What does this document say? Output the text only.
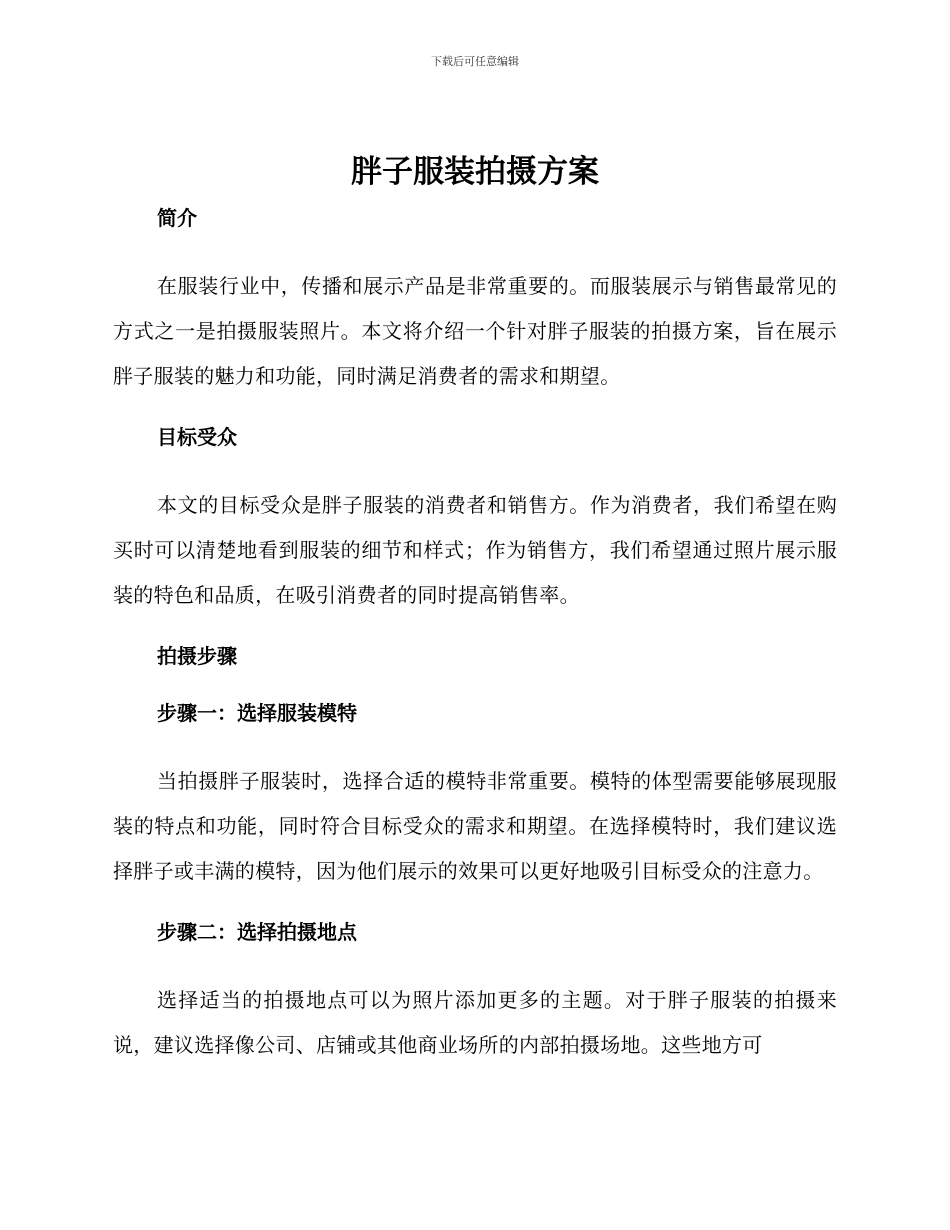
下载后可任意编辑
胖子服装拍摄方案

简介

在服装行业中，传播和展示产品是非常重要的。而服装展示与销售最常见的方式之一是拍摄服装照片。本文将介绍一个针对胖子服装的拍摄方案，旨在展示胖子服装的魅力和功能，同时满足消费者的需求和期望。

目标受众

本文的目标受众是胖子服装的消费者和销售方。作为消费者，我们希望在购买时可以清楚地看到服装的细节和样式；作为销售方，我们希望通过照片展示服装的特色和品质，在吸引消费者的同时提高销售率。

拍摄步骤

步骤一：选择服装模特

当拍摄胖子服装时，选择合适的模特非常重要。模特的体型需要能够展现服装的特点和功能，同时符合目标受众的需求和期望。在选择模特时，我们建议选择胖子或丰满的模特，因为他们展示的效果可以更好地吸引目标受众的注意力。

步骤二：选择拍摄地点

选择适当的拍摄地点可以为照片添加更多的主题。对于胖子服装的拍摄来说，建议选择像公司、店铺或其他商业场所的内部拍摄场地。这些地方可
